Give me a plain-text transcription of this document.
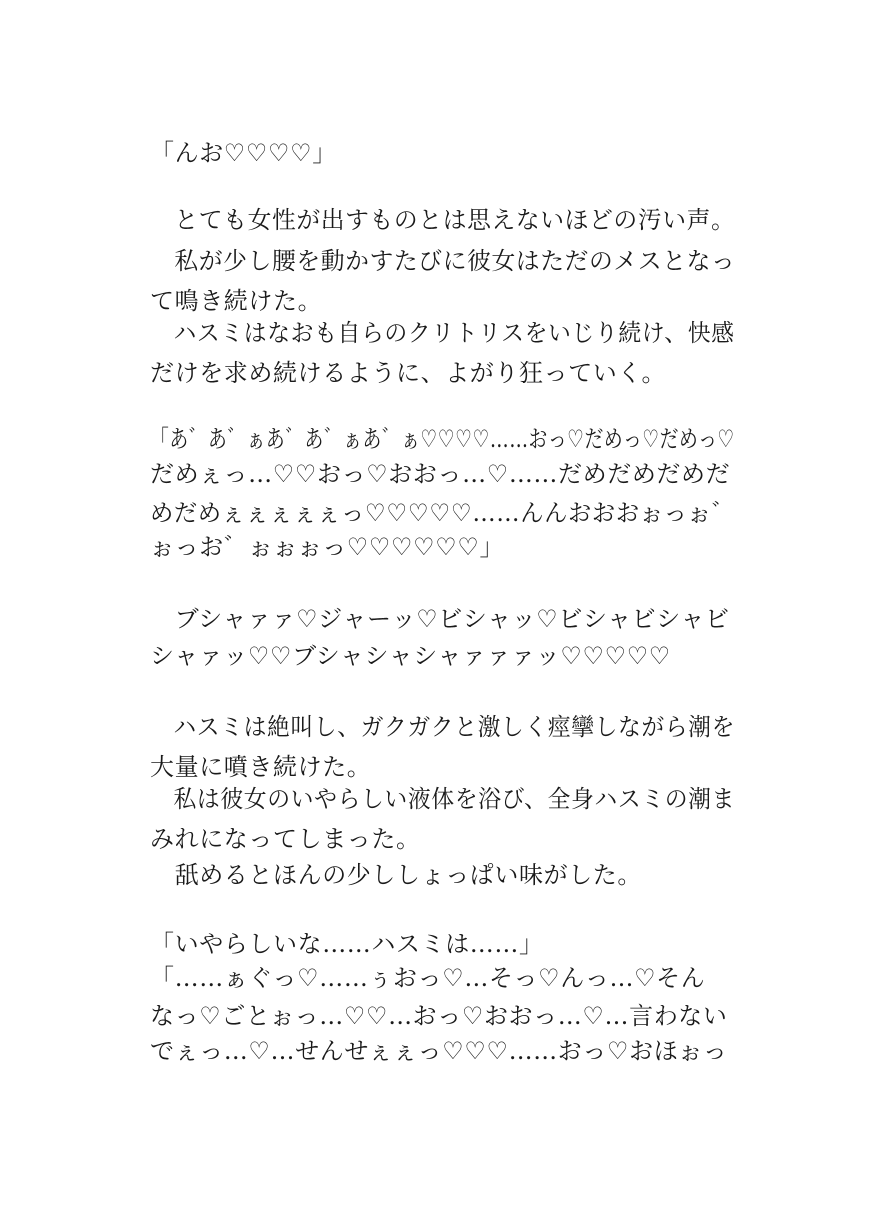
「んお♡♡♡♡」
　とても女性が出すものとは思えないほどの汚い声。
　私が少し腰を動かすたびに彼女はただのメスとなっ
て鳴き続けた。
　ハスミはなおも自らのクリトリスをいじり続け、快感
だけを求め続けるように、よがり狂っていく。
「あ゛あ゛ぁあ゛あ゛ぁあ゛ぁ♡♡♡♡……おっ♡だめっ♡だめっ♡
だめぇっ…♡♡おっ♡おおっ…♡……だめだめだめだ
めだめぇぇぇぇぇっ♡♡♡♡♡……んんおおおぉっぉ゛
ぉっお゛ぉぉぉっ♡♡♡♡♡♡」
　ブシャァァ♡ジャーッ♡ビシャッ♡ビシャビシャビ
シャァッ♡♡ブシャシャシャァァァッ♡♡♡♡♡
　ハスミは絶叫し、ガクガクと激しく痙攣しながら潮を
大量に噴き続けた。
　私は彼女のいやらしい液体を浴び、全身ハスミの潮ま
みれになってしまった。
　舐めるとほんの少ししょっぱい味がした。
「いやらしいな……ハスミは……」
「……ぁぐっ♡……ぅおっ♡…そっ♡んっ…♡そん
なっ♡ごとぉっ…♡♡…おっ♡おおっ…♡…言わない
でぇっ…♡…せんせぇぇっ♡♡♡……おっ♡おほぉっ
